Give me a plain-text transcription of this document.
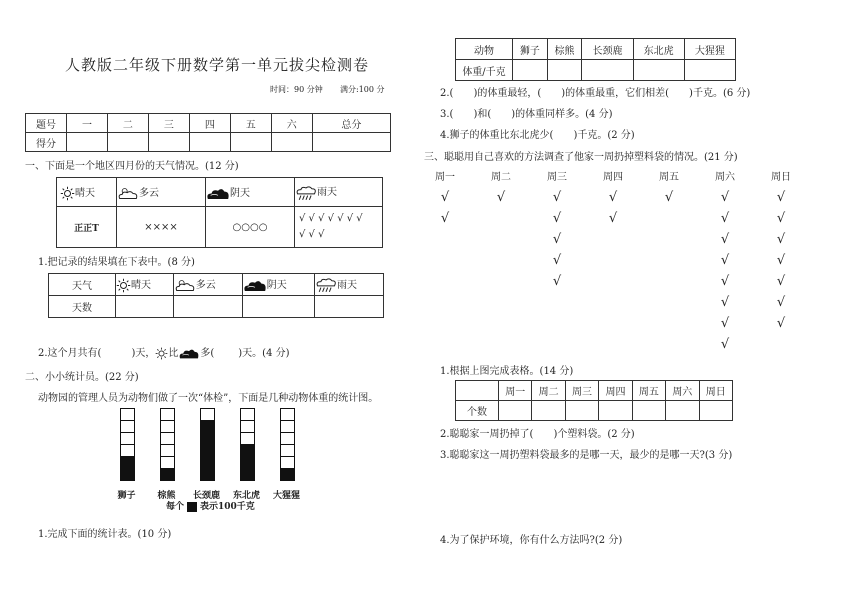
人教版二年级下册数学第一单元拔尖检测卷
时间：90 分钟 满分:100 分
题号	一	二	三	四	五	六	总分
得分							
一、下面是一个地区四月份的天气情况。(12 分)
晴天	多云	阴天	雨天
正正T	××××	○○○○	√ √ √ √ √ √ √
√ √ √
1.把记录的结果填在下表中。(8 分)
天气	晴天	多云	阴天	雨天
天数				
2.这个月共有(	)天， 比 多( )天。(4 分)
二、小小统计员。(22 分)
动物园的管理人员为动物们做了一次“体检”，下面是几种动物体重的统计图。
狮子	棕熊	长颈鹿	东北虎	大猩猩
每个 表示100千克
1.完成下面的统计表。(10 分)
动物	狮子	棕熊	长颈鹿	东北虎	大猩猩
体重/千克					
2.(　　)的体重最轻，(　　)的体重最重，它们相差(　　)千克。(6 分)
3.(　　)和(　　)的体重同样多。(4 分)
4.狮子的体重比东北虎少(　　)千克。(2 分)
三、聪聪用自己喜欢的方法调查了他家一周扔掉塑料袋的情况。(21 分)
周一
√
√
周二
√
周三
√
√
√
√
√
周四
√
√
周五
√
周六
√
√
√
√
√
√
√
√
周日
√
√
√
√
√
√
√
1.根据上图完成表格。(14 分)
	周一	周二	周三	周四	周五	周六	周日
个数							
2.聪聪家一周扔掉了(　　)个塑料袋。(2 分)
3.聪聪家这一周扔塑料袋最多的是哪一天，最少的是哪一天?(3 分)
4.为了保护环境，你有什么方法吗?(2 分)
